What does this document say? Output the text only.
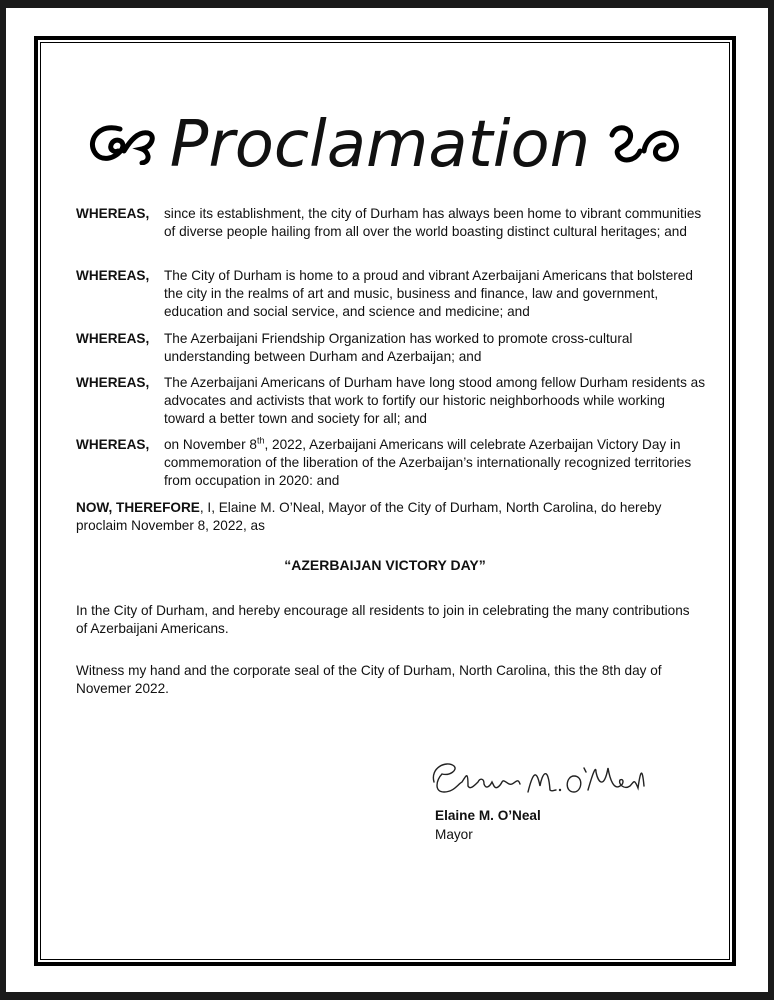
Proclamation
WHEREAS, since its establishment, the city of Durham has always been home to vibrant communities of diverse people hailing from all over the world boasting distinct cultural heritages; and
WHEREAS, The City of Durham is home to a proud and vibrant Azerbaijani Americans that bolstered the city in the realms of art and music, business and finance, law and government, education and social service, and science and medicine; and
WHEREAS, The Azerbaijani Friendship Organization has worked to promote cross-cultural understanding between Durham and Azerbaijan; and
WHEREAS, The Azerbaijani Americans of Durham have long stood among fellow Durham residents as advocates and activists that work to fortify our historic neighborhoods while working toward a better town and society for all; and
WHEREAS, on November 8th, 2022, Azerbaijani Americans will celebrate Azerbaijan Victory Day in commemoration of the liberation of the Azerbaijan’s internationally recognized territories from occupation in 2020: and
NOW, THEREFORE, I, Elaine M. O’Neal, Mayor of the City of Durham, North Carolina, do hereby proclaim November 8, 2022, as
“AZERBAIJAN VICTORY DAY”
In the City of Durham, and hereby encourage all residents to join in celebrating the many contributions of Azerbaijani Americans.
Witness my hand and the corporate seal of the City of Durham, North Carolina, this the 8th day of Novemer 2022.
Elaine M. O’Neal
Mayor
